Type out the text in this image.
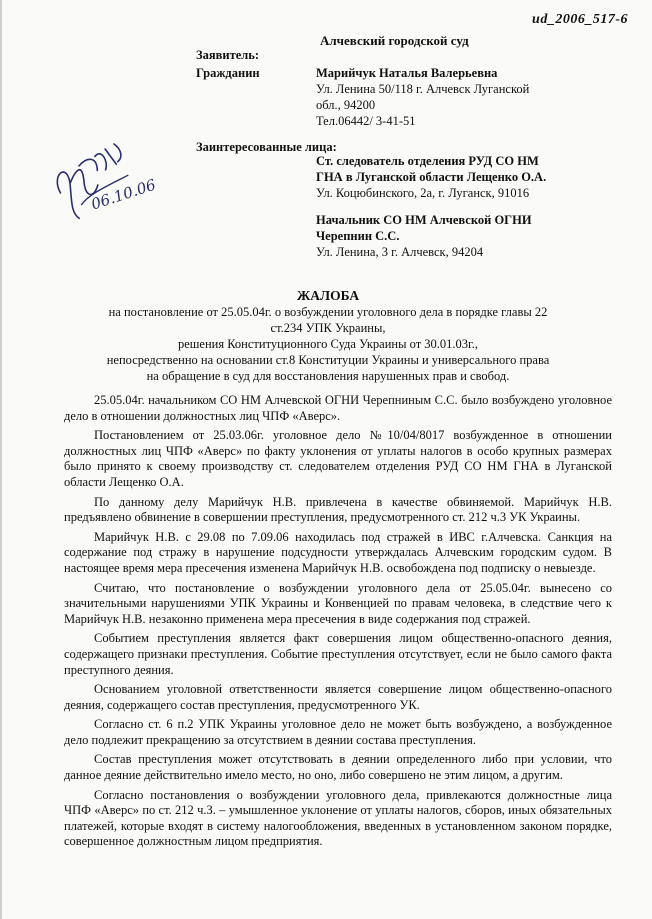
ud_2006_517-6
Алчевский городской суд
Заявитель:
Гражданин	Марийчук Наталья Валерьевна
Ул. Ленина 50/118 г. Алчевск Луганской
обл., 94200
Тел.06442/ 3-41-51
Заинтересованные лица:
Ст. следователь отделения РУД СО НМ
ГНА в Луганской области Лещенко О.А.
Ул. Коцюбинского, 2а, г. Луганск, 91016
Начальник СО НМ Алчевской ОГНИ
Черепнин С.С.
Ул. Ленина, 3 г. Алчевск, 94204
06.10.06
ЖАЛОБА
на постановление от 25.05.04г. о возбуждении уголовного дела в порядке главы 22
ст.234 УПК Украины,
решения Конституционного Суда Украины от 30.01.03г.,
непосредственно на основании ст.8 Конституции Украины и универсального права
на обращение в суд для восстановления нарушенных прав и свобод.

25.05.04г. начальником СО НМ Алчевской ОГНИ Черепниным С.С. было возбуждено уголовное дело в отношении должностных лиц ЧПФ «Аверс».

Постановлением от 25.03.06г. уголовное дело №10/04/8017 возбужденное в отношении должностных лиц ЧПФ «Аверс» по факту уклонения от уплаты налогов в особо крупных размерах было принято к своему производству ст. следователем отделения РУД СО НМ ГНА в Луганской области Лещенко О.А.

По данному делу Марийчук Н.В. привлечена в качестве обвиняемой. Марийчук Н.В. предъявлено обвинение в совершении преступления, предусмотренного ст. 212 ч.3 УК Украины.

Марийчук Н.В. с 29.08 по 7.09.06 находилась под стражей в ИВС г.Алчевска. Санкция на содержание под стражу в нарушение подсудности утверждалась Алчевским городским судом. В настоящее время мера пресечения изменена Марийчук Н.В. освобождена под подписку о невыезде.

Считаю, что постановление о возбуждении уголовного дела от 25.05.04г. вынесено со значительными нарушениями УПК Украины и Конвенцией по правам человека, в следствие чего к Марийчук Н.В. незаконно применена мера пресечения в виде содержания под стражей.

Событием преступления является факт совершения лицом общественно-опасного деяния, содержащего признаки преступления. Событие преступления отсутствует, если не было самого факта преступного деяния.

Основанием уголовной ответственности является совершение лицом общественно-опасного деяния, содержащего состав преступления, предусмотренного УК.

Согласно ст. 6 п.2 УПК Украины уголовное дело не может быть возбуждено, а возбужденное дело подлежит прекращению за отсутствием в деянии состава преступления.

Состав преступления может отсутствовать в деянии определенного либо при условии, что данное деяние действительно имело место, но оно, либо совершено не этим лицом, а другим.

Согласно постановления о возбуждении уголовного дела, привлекаются должностные лица ЧПФ «Аверс» по ст. 212 ч.З. – умышленное уклонение от уплаты налогов, сборов, иных обязательных платежей, которые входят в систему налогообложения, введенных в установленном законом порядке, совершенное должностным лицом предприятия.
